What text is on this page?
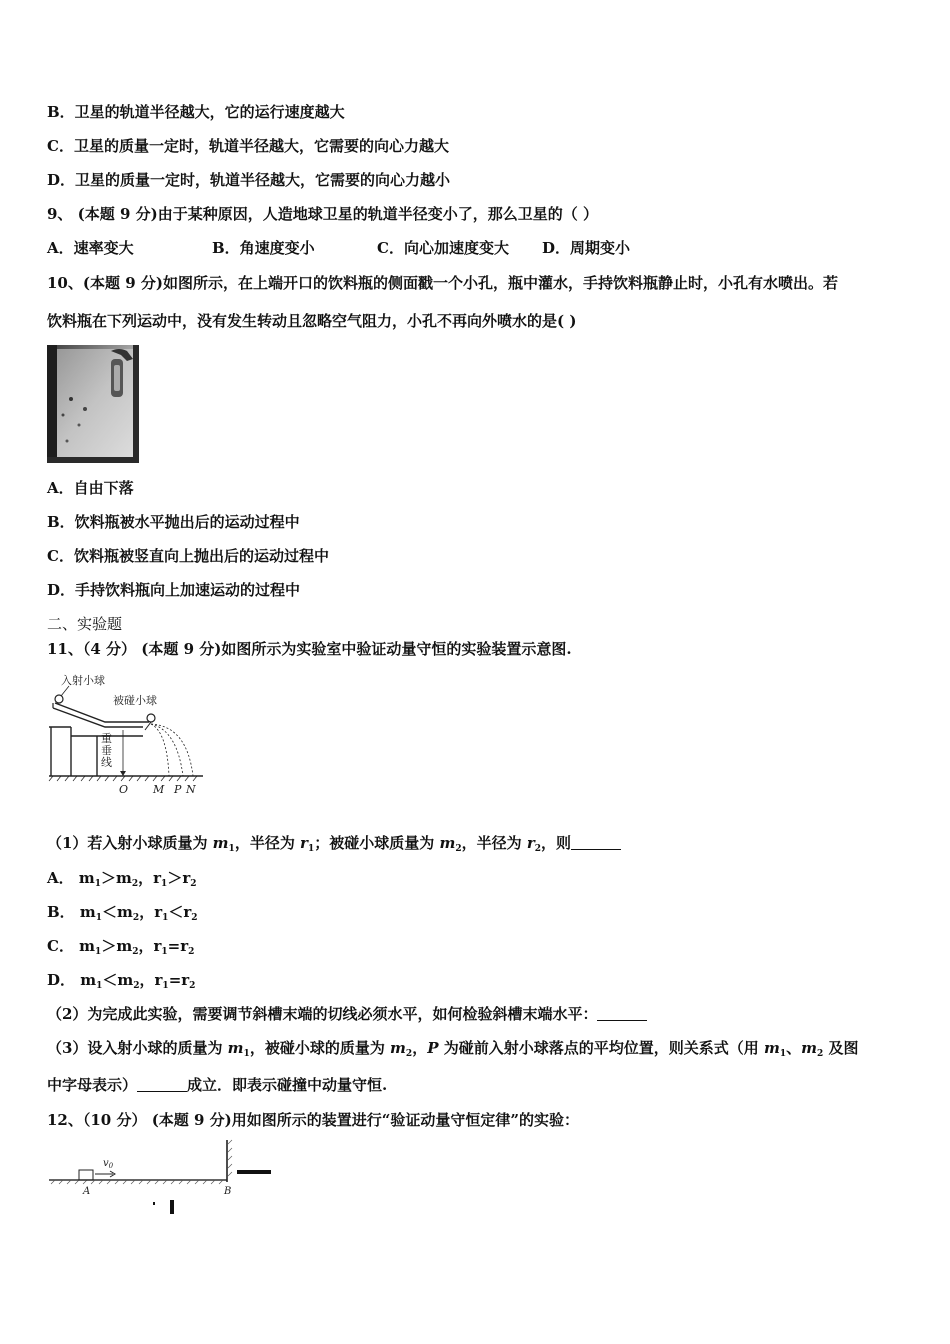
B．卫星的轨道半径越大，它的运行速度越大
C．卫星的质量一定时，轨道半径越大，它需要的向心力越大
D．卫星的质量一定时，轨道半径越大，它需要的向心力越小
9、 (本题 9 分)由于某种原因，人造地球卫星的轨道半径变小了，那么卫星的（ ）
A．速率变大	B．角速度变小	C．向心加速度变大 D．周期变小
10、(本题 9 分)如图所示，在上端开口的饮料瓶的侧面戳一个小孔，瓶中灌水，手持饮料瓶静止时，小孔有水喷出。若
饮料瓶在下列运动中，没有发生转动且忽略空气阻力，小孔不再向外喷水的是( )
A．自由下落
B．饮料瓶被水平抛出后的运动过程中
C．饮料瓶被竖直向上抛出后的运动过程中
D．手持饮料瓶向上加速运动的过程中
二、实验题
11、（4 分） (本题 9 分)如图所示为实验室中验证动量守恒的实验装置示意图.
入射小球
被碰小球
重
垂
线
O M P N
（1）若入射小球质量为 $m_1$，半径为 $r_1$；被碰小球质量为 $m_2$，半径为 $r_2$，则
A． $m_1>m_2$，$r_1>r_2$
B． $m_1<m_2$，$r_1<r_2$
C． $m_1>m_2$，$r_1=r_2$
D． $m_1<m_2$，$r_1=r_2$
（2）为完成此实验，需要调节斜槽末端的切线必须水平，如何检验斜槽末端水平：
（3）设入射小球的质量为 $m_1$，被碰小球的质量为 $m_2$，P 为碰前入射小球落点的平均位置，则关系式（用 $m_1$、$m_2$ 及图
中字母表示）	成立．即表示碰撞中动量守恒.
12、（10 分） (本题 9 分)用如图所示的装置进行“验证动量守恒定律”的实验：
$v_0$
A	B
